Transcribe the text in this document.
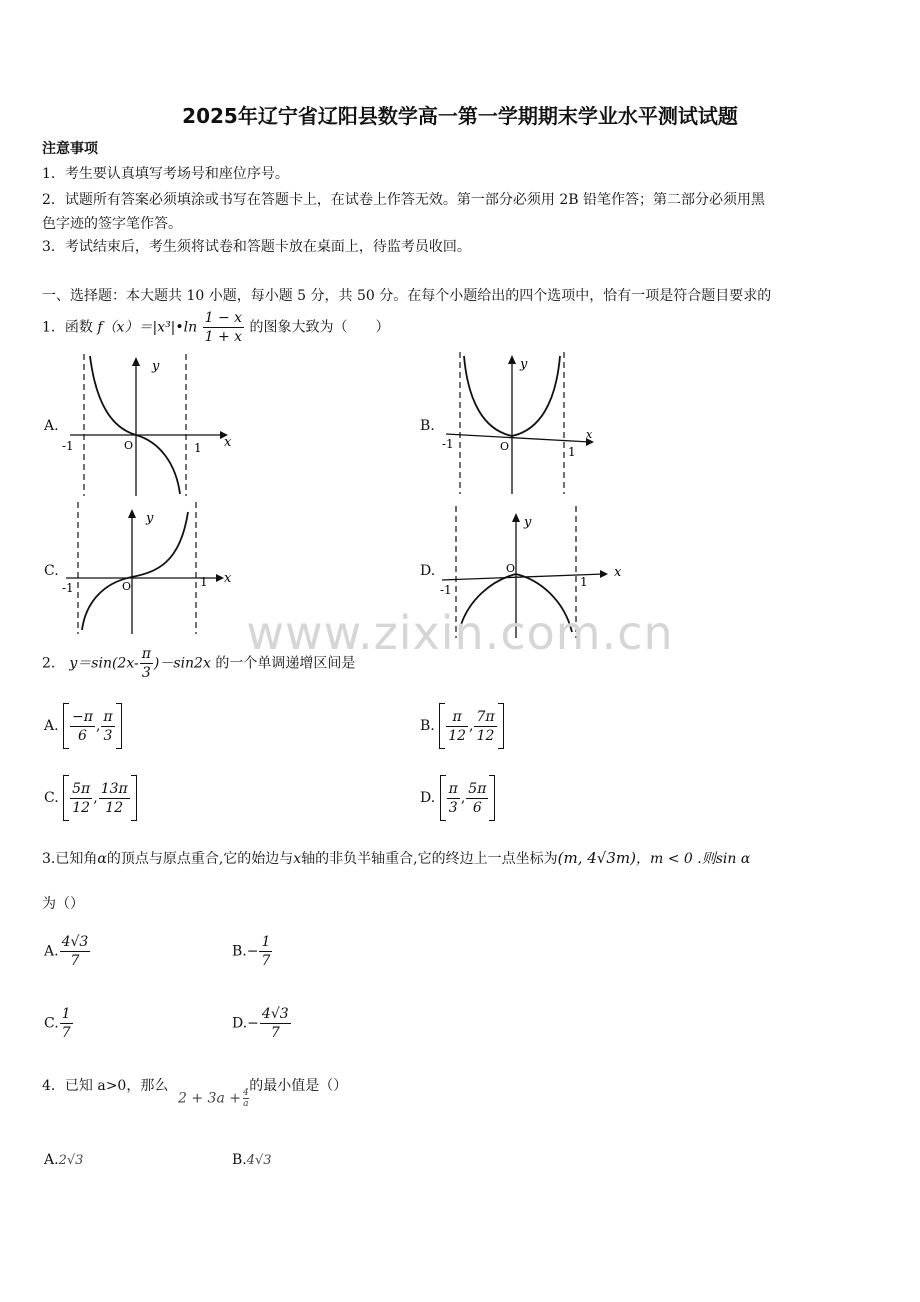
2025年辽宁省辽阳县数学高一第一学期期末学业水平测试试题
注意事项
1．考生要认真填写考场号和座位序号。
2．试题所有答案必须填涂或书写在答题卡上，在试卷上作答无效。第一部分必须用 2B 铅笔作答；第二部分必须用黑
色字迹的签字笔作答。
3．考试结束后，考生须将试卷和答题卡放在桌面上，待监考员收回。
一、选择题：本大题共 10 小题，每小题 5 分，共 50 分。在每个小题给出的四个选项中，恰有一项是符合题目要求的
1．函数 f（x）＝|x³|•ln $\frac{1 - x}{1 + x}$ 的图象大致为（　　）
A.
y
x
O
-1	1
B.
y
x
O
-1
1
C.
y
x
O
-1	1
D.
y
x
O
-1
1
www.zixin.com.cn
2． $y=\sin(2x- \frac{\pi}{3} )-\sin 2x$ 的一个单调递增区间是
A. $\frac{-\pi}{6}$ , $\frac{\pi}{3}$	B. $\frac{\pi}{12}$ , $\frac{7\pi}{12}$
C. $\frac{5\pi}{12}$ , $\frac{13\pi}{12}$	D. $\frac{\pi}{3}$ , $\frac{5\pi}{6}$
3.已知角α的顶点与原点重合,它的始边与x轴的非负半轴重合,它的终边上一点坐标为(m, 4√3m)，m < 0 .则sin α
为（）
A. $\frac{4√3}{7}$	$B.- \frac{1}{7}$
C. $\frac{1}{7}$	$D.- \frac{4√3}{7}$
4．已知 a>0，那么	的最小值是（）
$2 + 3a + \frac{4}{a}$
A.2√3	B.4√3
